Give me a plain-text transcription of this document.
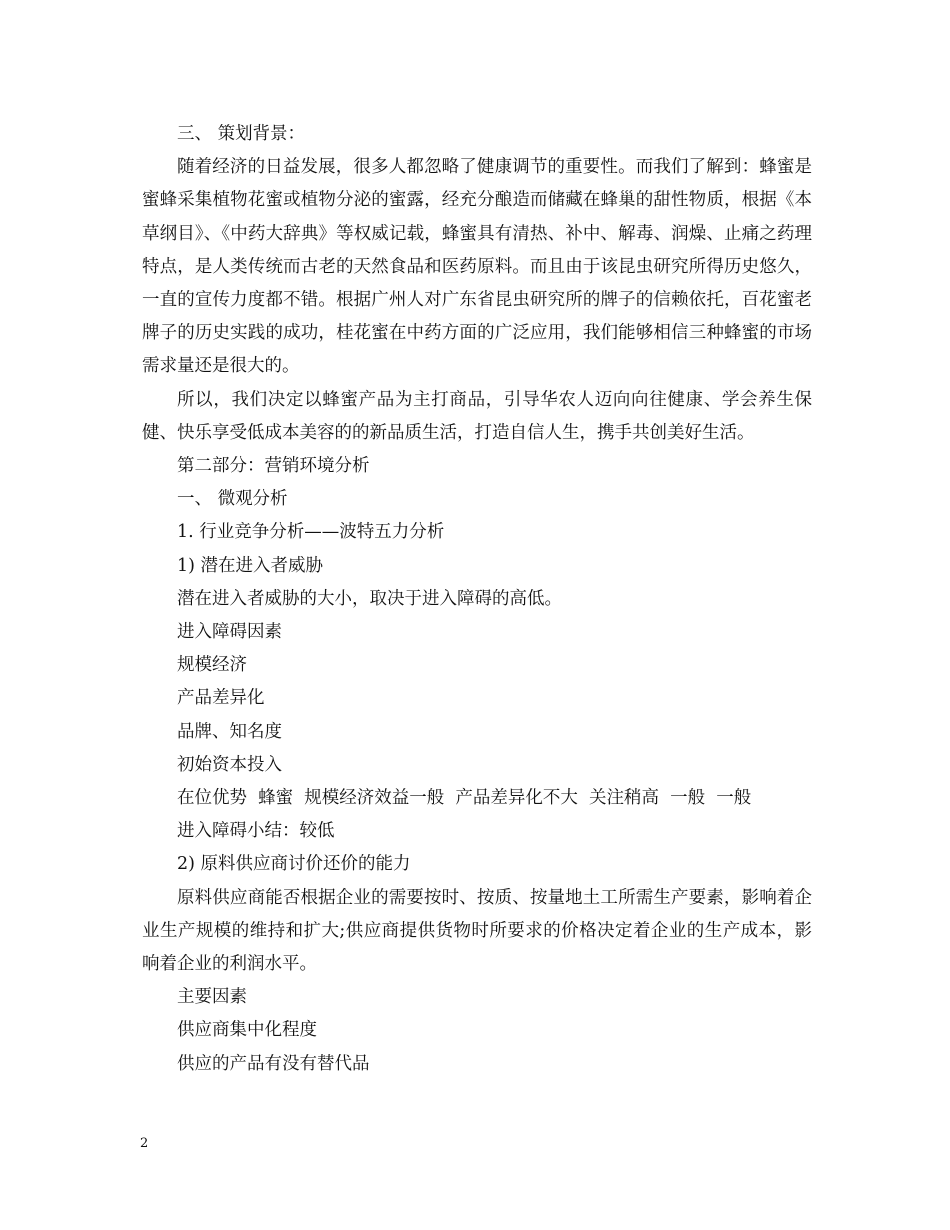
三、 策划背景：

随着经济的日益发展，很多人都忽略了健康调节的重要性。而我们了解到：蜂蜜是蜜蜂采集植物花蜜或植物分泌的蜜露，经充分酿造而储藏在蜂巢的甜性物质，根据《本草纲目》、《中药大辞典》等权威记载，蜂蜜具有清热、补中、解毒、润燥、止痛之药理特点，是人类传统而古老的天然食品和医药原料。而且由于该昆虫研究所得历史悠久，一直的宣传力度都不错。根据广州人对广东省昆虫研究所的牌子的信赖依托，百花蜜老牌子的历史实践的成功，桂花蜜在中药方面的广泛应用，我们能够相信三种蜂蜜的市场需求量还是很大的。

所以，我们决定以蜂蜜产品为主打商品，引导华农人迈向向往健康、学会养生保健、快乐享受低成本美容的的新品质生活，打造自信人生，携手共创美好生活。

第二部分：营销环境分析

一、 微观分析

1. 行业竞争分析——波特五力分析

1) 潜在进入者威胁

潜在进入者威胁的大小，取决于进入障碍的高低。

进入障碍因素

规模经济

产品差异化

品牌、知名度

初始资本投入

在位优势  蜂蜜  规模经济效益一般  产品差异化不大  关注稍高  一般  一般

进入障碍小结：较低

2) 原料供应商讨价还价的能力

原料供应商能否根据企业的需要按时、按质、按量地土工所需生产要素，影响着企业生产规模的维持和扩大;供应商提供货物时所要求的价格决定着企业的生产成本，影响着企业的利润水平。

主要因素

供应商集中化程度

供应的产品有没有替代品

2
